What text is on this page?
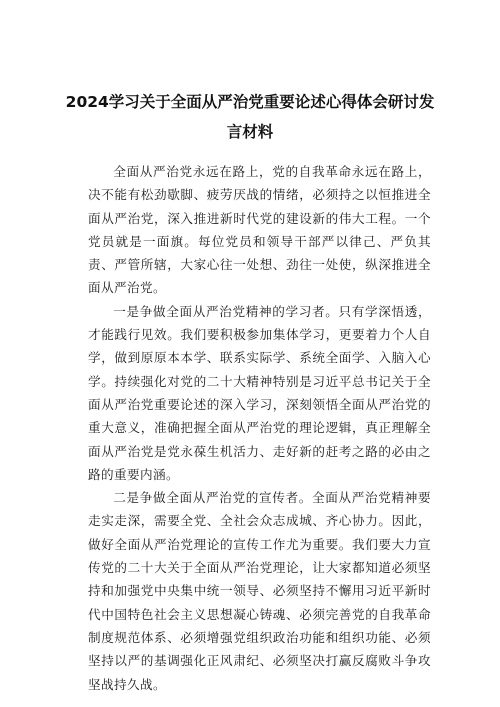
2024学习关于全面从严治党重要论述心得体会研讨发
言材料

全面从严治党永远在路上，党的自我革命永远在路上，决不能有松劲歇脚、疲劳厌战的情绪，必须持之以恒推进全面从严治党，深入推进新时代党的建设新的伟大工程。一个党员就是一面旗。每位党员和领导干部严以律己、严负其责、严管所辖，大家心往一处想、劲往一处使，纵深推进全面从严治党。

一是争做全面从严治党精神的学习者。只有学深悟透，才能践行见效。我们要积极参加集体学习，更要着力个人自学，做到原原本本学、联系实际学、系统全面学、入脑入心学。持续强化对党的二十大精神特别是习近平总书记关于全面从严治党重要论述的深入学习，深刻领悟全面从严治党的重大意义，准确把握全面从严治党的理论逻辑，真正理解全面从严治党是党永葆生机活力、走好新的赶考之路的必由之路的重要内涵。

二是争做全面从严治党的宣传者。全面从严治党精神要走实走深，需要全党、全社会众志成城、齐心协力。因此，做好全面从严治党理论的宣传工作尤为重要。我们要大力宣传党的二十大关于全面从严治党理论，让大家都知道必须坚持和加强党中央集中统一领导、必须坚持不懈用习近平新时代中国特色社会主义思想凝心铸魂、必须完善党的自我革命制度规范体系、必须增强党组织政治功能和组织功能、必须坚持以严的基调强化正风肃纪、必须坚决打赢反腐败斗争攻坚战持久战。
